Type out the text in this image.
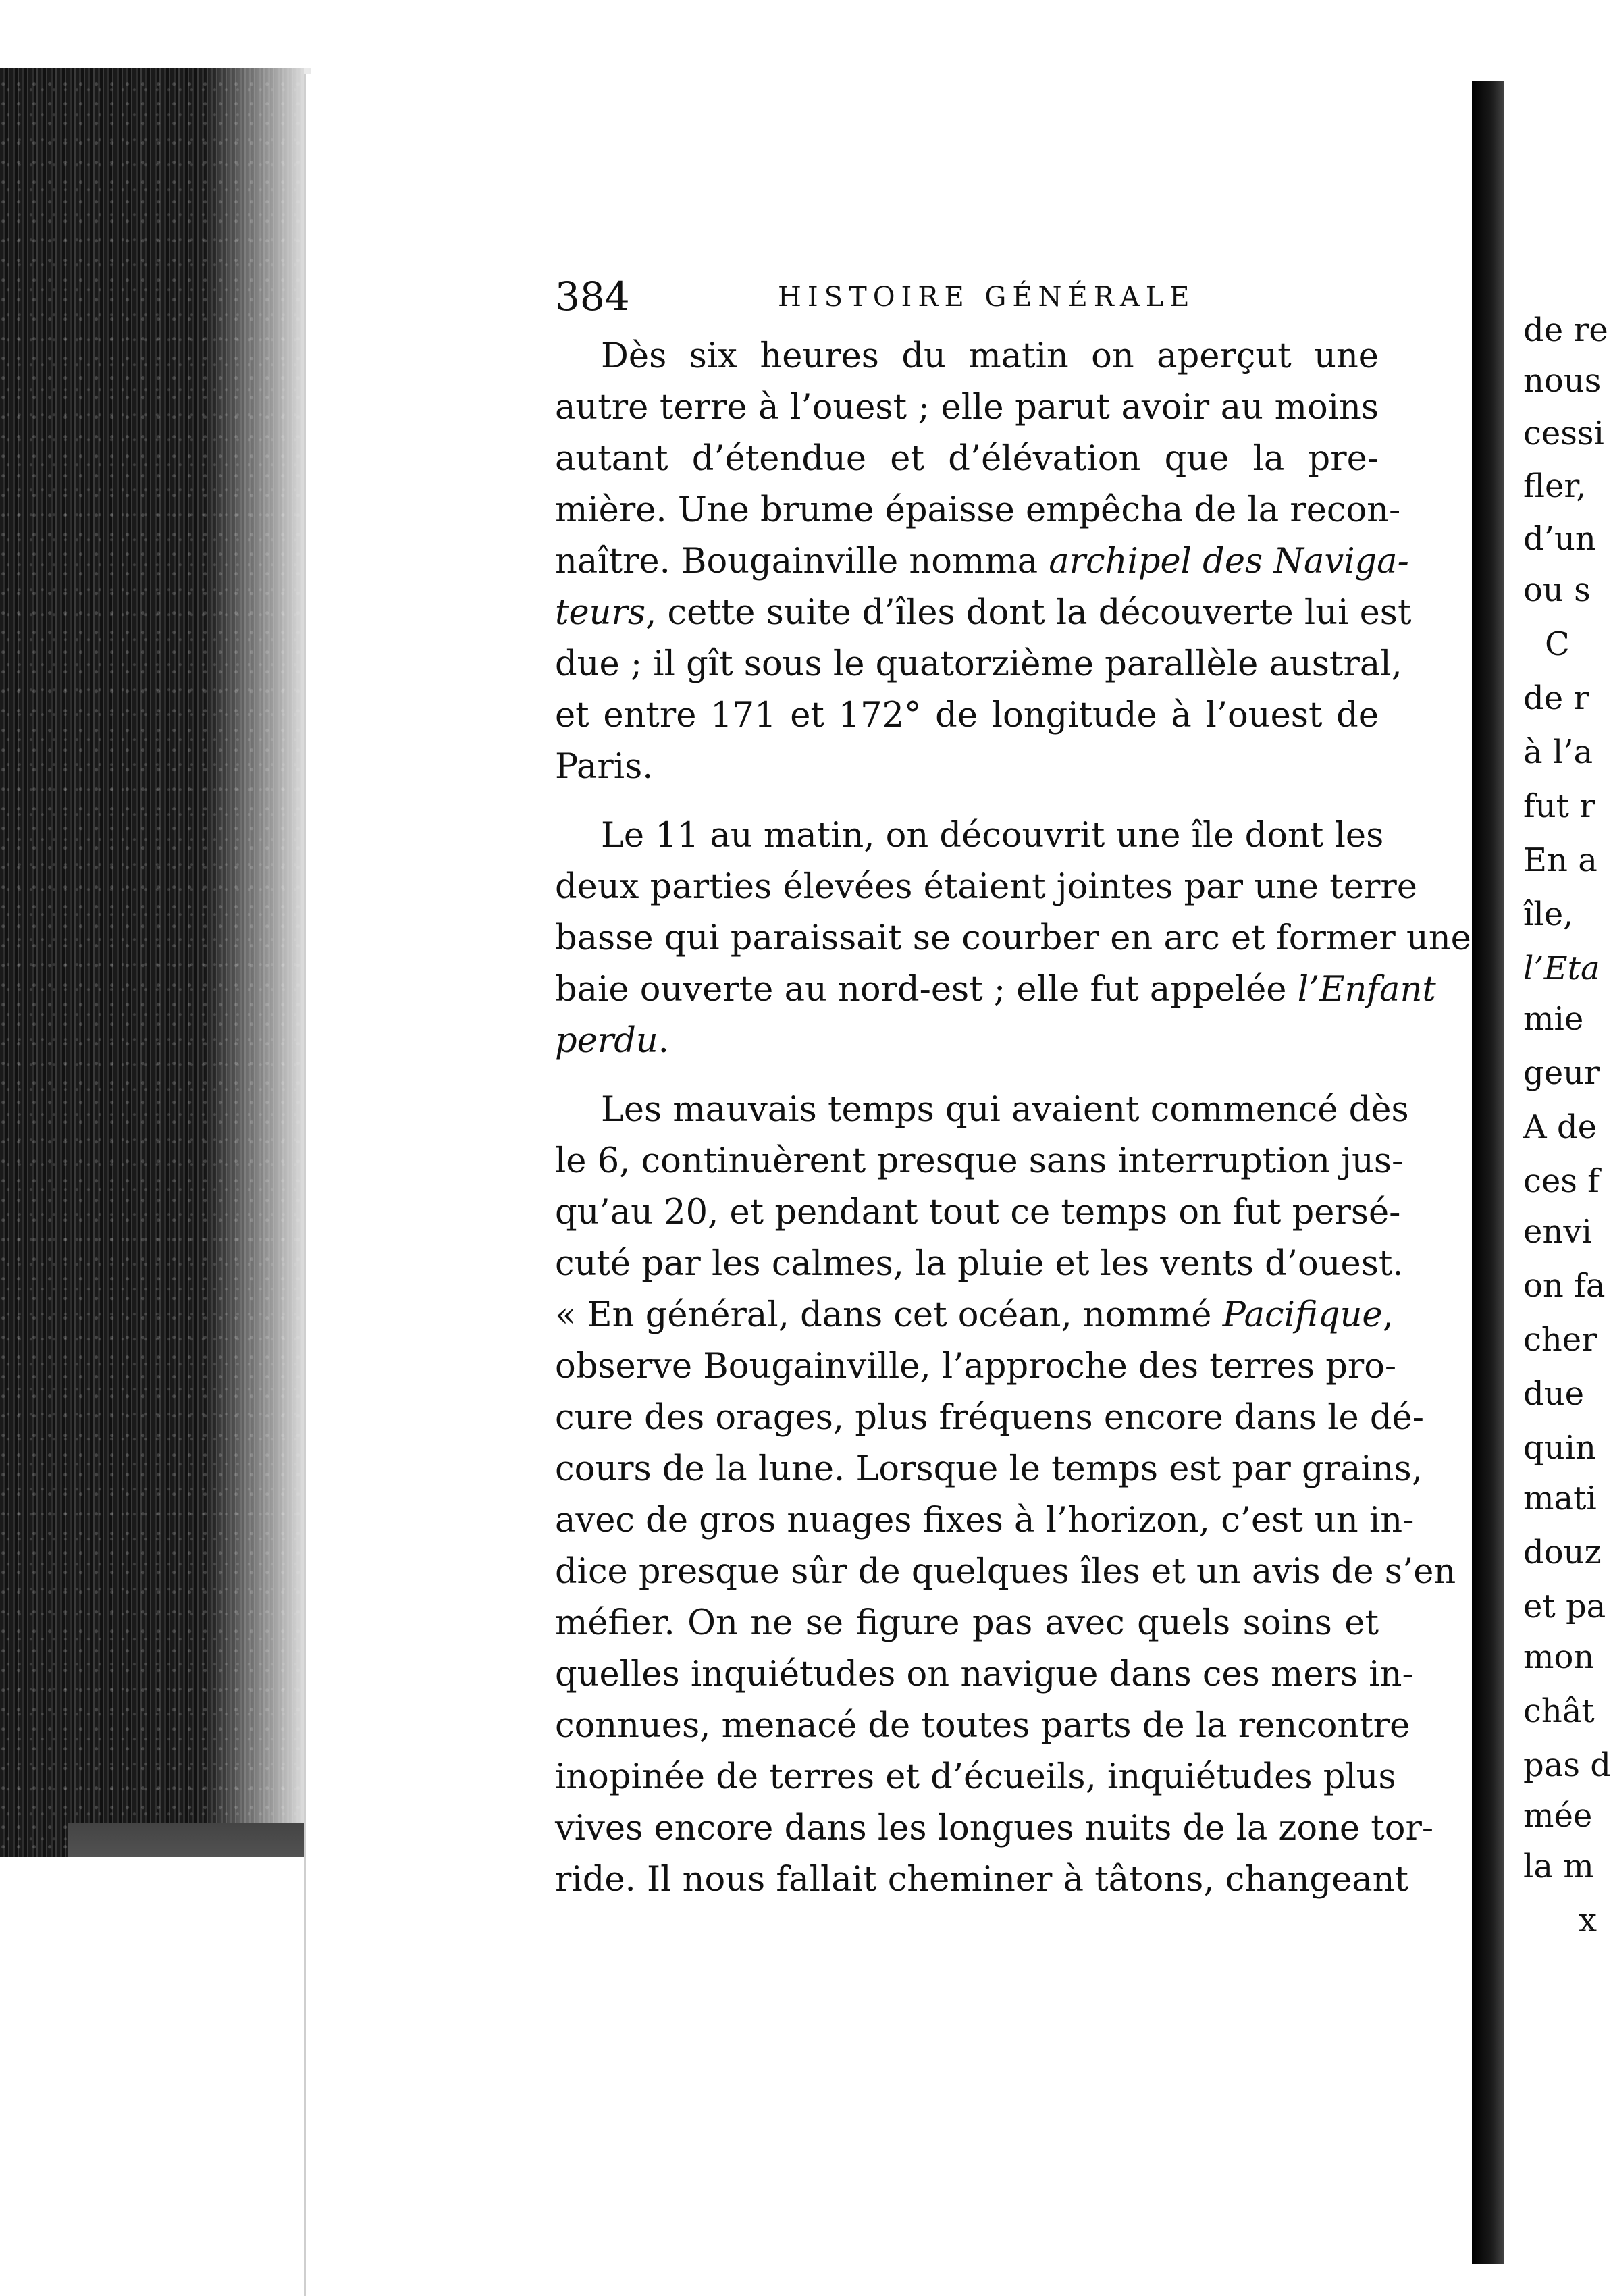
de re
nous
cessi
fler,
d’un
ou s
C
de r
à l’a
fut r
En a
île,
l’Eta
mie
geur
A de
ces f
envi
on fa
cher
due
quin
mati
douz
et pa
mon
chât
pas d
mée
la m
x
384	HISTOIRE GÉNÉRALE
Dès six heures du matin on aperçut une
autre terre à l’ouest ; elle parut avoir au moins
autant d’étendue et d’élévation que la pre-
mière. Une brume épaisse empêcha de la recon-
naître. Bougainville nomma archipel des Naviga-
teurs, cette suite d’îles dont la découverte lui est
due ; il gît sous le quatorzième parallèle austral,
et entre 171 et 172° de longitude à l’ouest de
Paris.
Le 11 au matin, on découvrit une île dont les
deux parties élevées étaient jointes par une terre
basse qui paraissait se courber en arc et former une
baie ouverte au nord-est ; elle fut appelée l’Enfant
perdu.
Les mauvais temps qui avaient commencé dès
le 6, continuèrent presque sans interruption jus-
qu’au 20, et pendant tout ce temps on fut persé-
cuté par les calmes, la pluie et les vents d’ouest.
« En général, dans cet océan, nommé Pacifique
observe Bougainville, l’approche des terres pro-
cure des orages, plus fréquens encore dans le dé-
cours de la lune. Lorsque le temps est par grains,
avec de gros nuages fixes à l’horizon, c’est un in-
dice presque sûr de quelques îles et un avis de s’en
méfier. On ne se figure pas avec quels soins et
quelles inquiétudes on navigue dans ces mers in-
connues, menacé de toutes parts de la rencontre
inopinée de terres et d’écueils, inquiétudes plus
vives encore dans les longues nuits de la zone tor-
ride. Il nous fallait cheminer à tâtons, changeant
